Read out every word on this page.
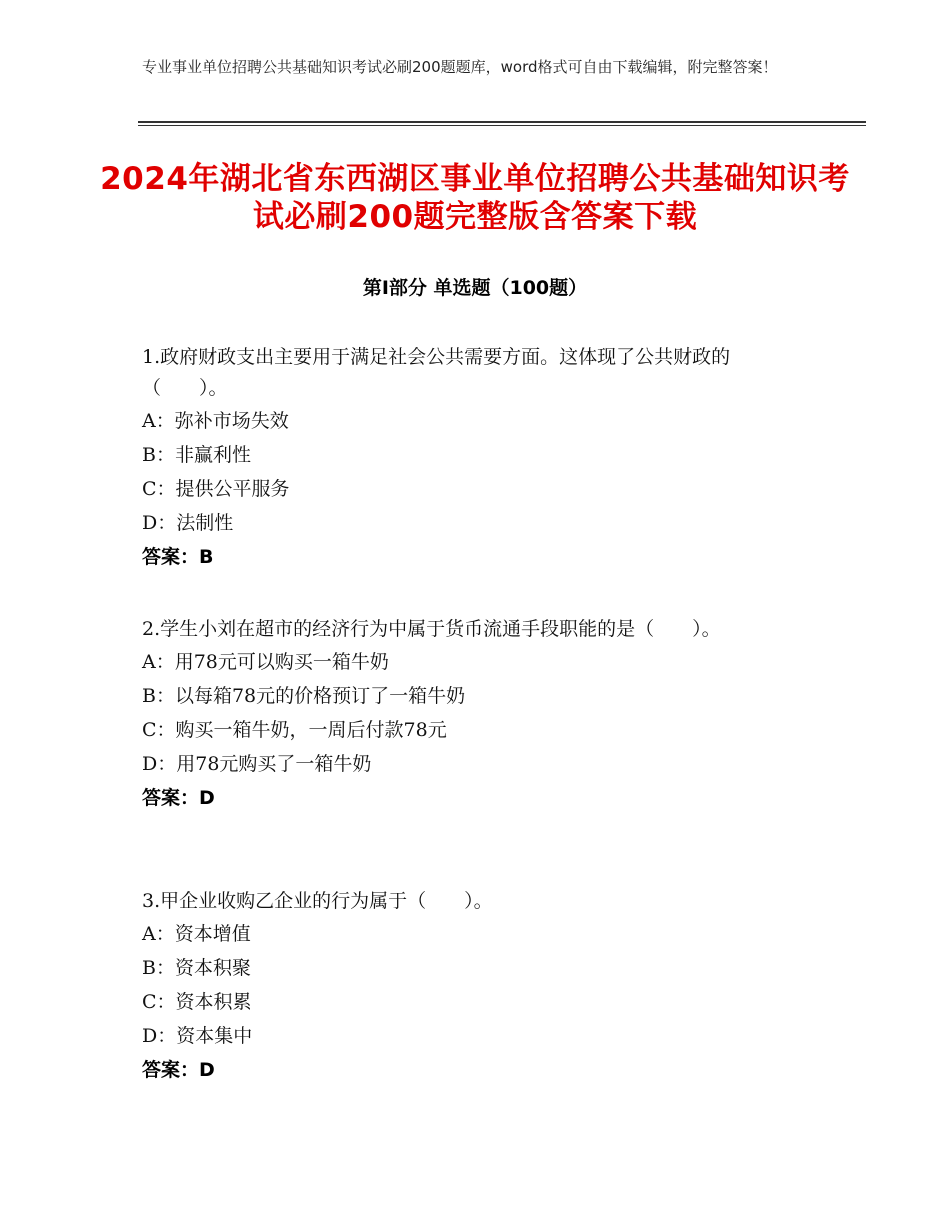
专业事业单位招聘公共基础知识考试必刷200题题库，word格式可自由下载编辑，附完整答案！
2024年湖北省东西湖区事业单位招聘公共基础知识考试必刷200题完整版含答案下载
第Ⅰ部分 单选题（100题）

1.政府财政支出主要用于满足社会公共需要方面。这体现了公共财政的（　　）。

A：弥补市场失效

B：非赢利性

C：提供公平服务

D：法制性

答案：B

2.学生小刘在超市的经济行为中属于货币流通手段职能的是（　　）。

A：用78元可以购买一箱牛奶

B：以每箱78元的价格预订了一箱牛奶

C：购买一箱牛奶，一周后付款78元

D：用78元购买了一箱牛奶

答案：D

3.甲企业收购乙企业的行为属于（　　）。

A：资本增值

B：资本积聚

C：资本积累

D：资本集中

答案：D
